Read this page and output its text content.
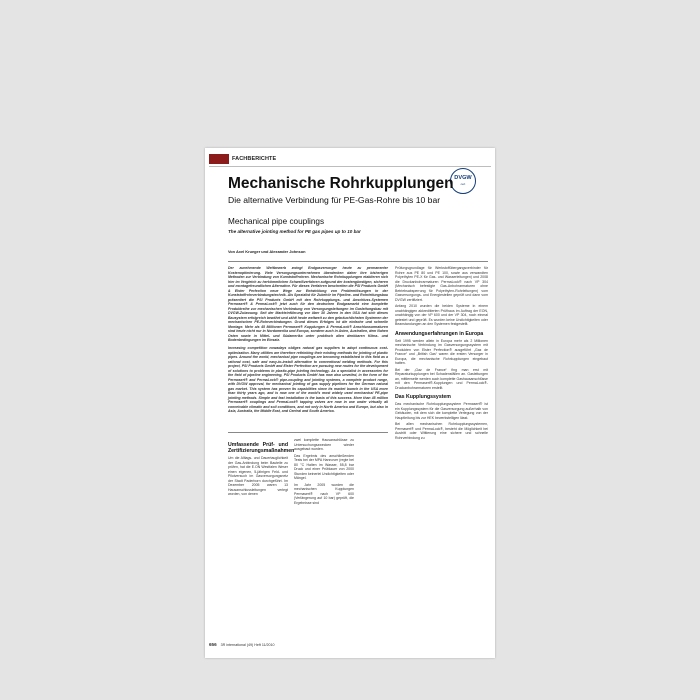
FACHBERICHTE
DVGW
cert
Mechanische Rohrkupplungen
Die alternative Verbindung für PE-Gas-Rohre bis 10 bar
Mechanical pipe couplings
The alternative jointing method for PE gas pipes up to 10 bar
Von Axel Krueger und Alexander Johnson

Der zunehmende Wettbewerb zwingt Endgasversorger heute zu permanenter Kostenoptimierung. Viele Versorgungsunternehmen überdenken daher ihre bisherigen Methoden zur Verbindung von Kunststoffrohren. Mechanische Rohrkupplungen etablieren sich hier im Vergleich zu herkömmlichen Schweißverfahren aufgrund der kostengünstigen, sicheren und montagefreundlichen Alternative. Für dieses Verfahren beschreiten die PSI Products GmbH & Elster Perfection neue Wege zur Entwicklung von Problemlösungen in der Kunststoffrohrverbindungstechnik. Als Spezialist für Zubehör im Pipeline- und Rohrleitungsbau präsentiert die PSI Products GmbH mit den Rohrkupplungs- und Anschluss-Systemen Permasert® & PermaLock® jetzt auch für den deutschen Endgasmarkt eine komplette Produktreihe zur mechanischen Verbindung von Versorgungsleitungen im Gasleitungsbau mit DVGW-Zulassung. Seit der Markteinführung vor über 30 Jahren in den USA hat sich dieses Bausystem erfolgreich bewährt und zählt heute weltweit zu den gebräuchlichsten Systemen der mechanischen PE-Rohrverbindungen. Grund dieses Erfolges ist die einfache und schnelle Montage. Mehr als 45 Millionen Permasert® Kupplungen & PermaLock® Anschlussarmaturen sind heute nicht nur in Nordamerika und Europa, sondern auch in Asien, Australien, dem Nahen Osten sowie in Mittel- und Südamerika unter praktisch allen denkbaren Klima- und Bodenbedingungen im Einsatz.

Increasing competition nowadays obliges natural gas suppliers to adopt continuous cost-optimization. Many utilities are therefore rethinking their existing methods for jointing of plastic pipes. Around the world, mechanical pipe couplings are becoming established in this field as a rational cost, safe and easy-to-install alternative to conventional welding methods. For this project, PSI Products GmbH and Elster Perfection are pursuing new routes for the development of solutions to problems in plastic-pipe jointing technology. As a specialist in accessories for the field of pipeline engineering, PSI Products GmbH has now also unveiled, in the form of the Permasert® and PermaLock® pipe-coupling and jointing systems, a complete product range, with DVGW approval, for mechanical jointing of gas supply pipelines for the German natural gas market. This system has proven its capabilities since its market launch in the USA more than thirty years ago, and is now one of the world's most widely used mechanical PE-pipe jointing methods. Simple and fast installation is the basis of this success. More than 45 million Permasert® couplings and PermaLock® tapping valves are now in use under virtually all conceivable climatic and soil conditions, and not only in North America and Europe, but also in Asia, Australia, the Middle East, and Central and South America.

Umfassende Prüf- und Zertifizierungsmaßnahmen

Um die Alltags- und Dauertauglichkeit der Gas-Anbindung beim Bauteile zu prüfen, hat die E.ON Westfalen Weser einen eigenen, 5-jährigen Feld- und Pilotversuch im Gasversorgungsnetz der Stadt Paderborn durchgeführt. Im Dezember 2005 waren 13 Hausanschlussleitungen verlegt worden, von denen

zwei komplette Hausanschlüsse zu Untersuchungszwecken wieder ausgebaut wurden.

Das Ergebnis des anschließenden Tests bei der MPA Hannover (regte bei 80 °C Halten im Wasser, 55,8 bar Druck und einer Prüfdauer von 2000 Stunden keinerlei Undichtigkeiten oder Mängel.

Im Jahr 2005 wurden die mechanischen Kupplungen Permasert® nach VP 600 (Verlängerung auf 10 bar) geprüft, die Ergebnisse sind

Prüfungsgrundlage für Werkstoffübergangsverbinder für Rohre aus PE 80 und PE 100, sowie aus verwandten Polyethylen PE-X für Gas- und Wasserleitungen) und 2008 die Druckanbohrarmaturen PermaLock® nach VP 304 (Mechanisch befestigte Gas-Anbohrarmaturen ohne Betriebsabsperrung für Polyethylen-Rohrleitungen) vom Gasversorgungs- und Energiestellen geprüft und dann vom DVGW zertifiziert.

Anfang 2010 wurden die beiden Systeme in einem unabhängigen akkreditierten Prüfhaus im Auftrag der EON, unabhängig von der VP 600 und der VP 304, noch einmal getestet und geprüft. Es wurden keine Undichtigkeiten oder Beanstandungen an den Systemen festgestellt.

Anwendungserfahrungen in Europa

Seit 1995 werden allein in Europa mehr als 2 Millionen mechanische Verbindung im Gasversorgungssystem mit Produkten von Elster Perfection® ausgeführt „Gaz de France“ und „British Gas“ waren die ersten Versorger in Europa, die mechanische Rohrkupplungen eingebaut hatten.

Bei der „Gaz de France“ fing man erst mit Reparaturkupplungen bei Schadensfällen an. Gasleitungen an, mittlerweile werden auch komplette Gashausanschlüsse mit den Permasert®-Kupplungen und PermaLock®-Druckanbohrarmaturen erstellt.

Das Kupplungssystem

Das mechanische Rohrkupplungssystem Permasert® ist ein Kupplungssystem für die Gasversorgung außerhalb von Gebäuden, mit dem sich die komplette Verlegung von der Hauptleitung bis zur HEK bewerkstelligen lässt.

Bei allen mechanischen Rohrkupplungssystemen, Permasert® und PermaLock®, besteht die Möglichkeit bei Austritt oder Wittierung eine sichere und schnelle Rohrverbindung zu

656 3R international (49) Heft 11/2010
